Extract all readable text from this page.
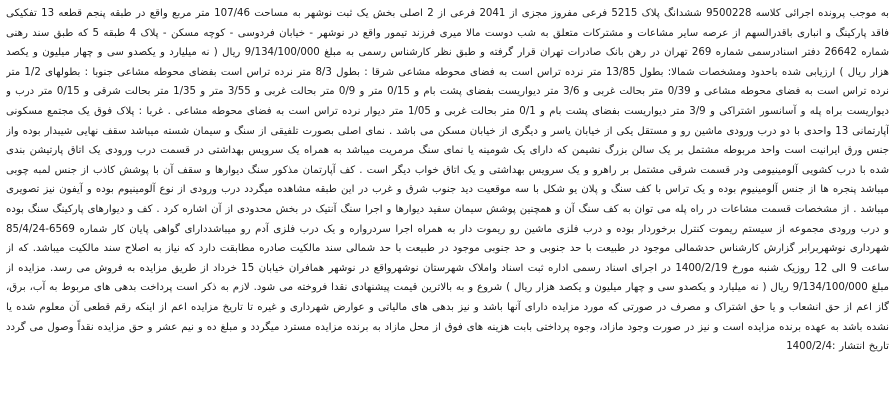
به موجب پرونده اجرائی کلاسه 9500228 ششدانگ پلاک 5215 فرعی مفروز مجزی از 2041 فرعی از 2 اصلی بخش یک ثبت نوشهر به مساحت 107/46 متر مربع واقع در طبقه پنجم قطعه 13 تفکیکی فاقد پارکینگ و انباری باقدرالسهم از عرصه سایر مشاعات و مشترکات متعلق به شب دوست مالا میری فرزند تیمور واقع در نوشهر - خیابان فردوسی - کوچه مسکن - پلاک 4 طبقه 5 که طبق سند رهنی شماره 26642 دفتر اسنادرسمی شماره 269 تهران در رهن بانک صادرات تهران قرار گرفته و طبق نظر کارشناس رسمی به مبلغ 9/134/100/000 ریال ( نه میلیارد و یکصدو سی و چهار میلیون و یکصد هزار ریال ) ارزیابی شده باحدود ومشخصات شمالا: بطول 13/85 متر نرده تراس است به فضای محوطه مشاعی شرقا : بطول 8/3 متر نرده تراس است بفضای محوطه مشاعی جنوبا : بطولهای 1/2 متر نرده تراس است به فضای محوطه مشاعی و 0/39 متر بحالت غربی و 3/6 متر دیواریست بفضای پشت بام و 0/15 متر و 0/9 متر بحالت غربی و 3/55 متر و 1/35 متر بحالت شرقی و 0/15 متر درب و دیواریست براه پله و آسانسور اشتراکی و 3/9 متر دیواریست بفضای پشت بام و 0/1 متر بحالت غربی و 1/05 متر دیوار نرده تراس است به فضای محوطه مشاعی . غربا : پلاک فوق یک مجتمع مسکونی آپارتمانی 13 واحدی با دو درب ورودی ماشین رو و مستقل یکی از خیابان یاسر و دیگری از خیابان مسکن می باشد . نمای اصلی بصورت تلفیقی از سنگ و سیمان شسته میباشد سقف نهایی شیبدار بوده واز جنس ورق ایرانیت است واحد مربوطه مشتمل بر یک سالن بزرگ نشیمن که دارای یک شومینه یا نمای سنگ مرمریت میباشد به همراه یک سرویس بهداشتی در قسمت درب ورودی یک اتاق پارتیشن بندی شده با درب کشویی آلومینیومی ودر قسمت شرقی مشتمل بر راهرو و یک سرویس بهداشتی و یک اتاق خواب دیگر است . کف آپارتمان مذکور سنگ دیوارها و سقف آن با پوشش کاذب از جنس لمبه چوبی میباشد پنجره ها از جنس آلومینیوم بوده و یک تراس با کف سنگ و پلان یو شکل با سه موقعیت دید جنوب شرق و غرب در این طبقه مشاهده میگردد درب ورودی از نوع آلومینیوم بوده و آیفون نیز تصویری میباشد . از مشخصات قسمت مشاعات در راه پله می توان به کف سنگ آن و همچنین پوشش سیمان سفید دیوارها و اجرا سنگ آنتیک در بخش محدودی از آن اشاره کرد . کف و دیوارهای پارکینگ سنگ بوده و درب ورودی مجموعه از سیستم ریموت کنترل برخوردار بوده و درب فلزی ماشین رو ریموت دار به همراه اجرا سردرواره و یک درب فلزی آدم رو میباشددارای گواهی پایان کار شماره 6569-85/4/24 شهرداری نوشهربرابر گزارش کارشناس حدشمالی موجود در طبیعت با حد جنوبی و حد جنوبی موجود در طبیعت با حد شمالی سند مالکیت صادره مطابقت دارد که نیاز به اصلاح سند مالکیت میباشد. که از ساعت 9 الی 12 روزیک شنبه مورخ 1400/2/19 در اجرای اسناد رسمی اداره ثبت اسناد واملاک شهرستان نوشهرواقع در نوشهر همافران خیابان 15 خرداد از طریق مزایده به فروش می رسد. مزایده از مبلغ 9/134/100/000 ریال ( نه میلیارد و یکصدو سی و چهار میلیون و یکصد هزار ریال ) شروع و به بالاترین قیمت پیشنهادی نقدا فروخته می شود. لازم به ذکر است پرداخت بدهی های مربوط به آب، برق، گاز اعم از حق انشعاب و یا حق اشتراک و مصرف در صورتی که مورد مزایده دارای آنها باشد و نیز بدهی های مالیاتی و عوارض شهرداری و غیره تا تاریخ مزایده اعم از اینکه رقم قطعی آن معلوم شده یا نشده باشد به عهده برنده مزایده است و نیز در صورت وجود مازاد، وجوه پرداختی بابت هزینه های فوق از محل مازاد به برنده مزایده مسترد میگردد و مبلغ ده و نیم عشر و حق مزایده نقداً وصول می گردد تاریخ انتشار :1400/2/4
